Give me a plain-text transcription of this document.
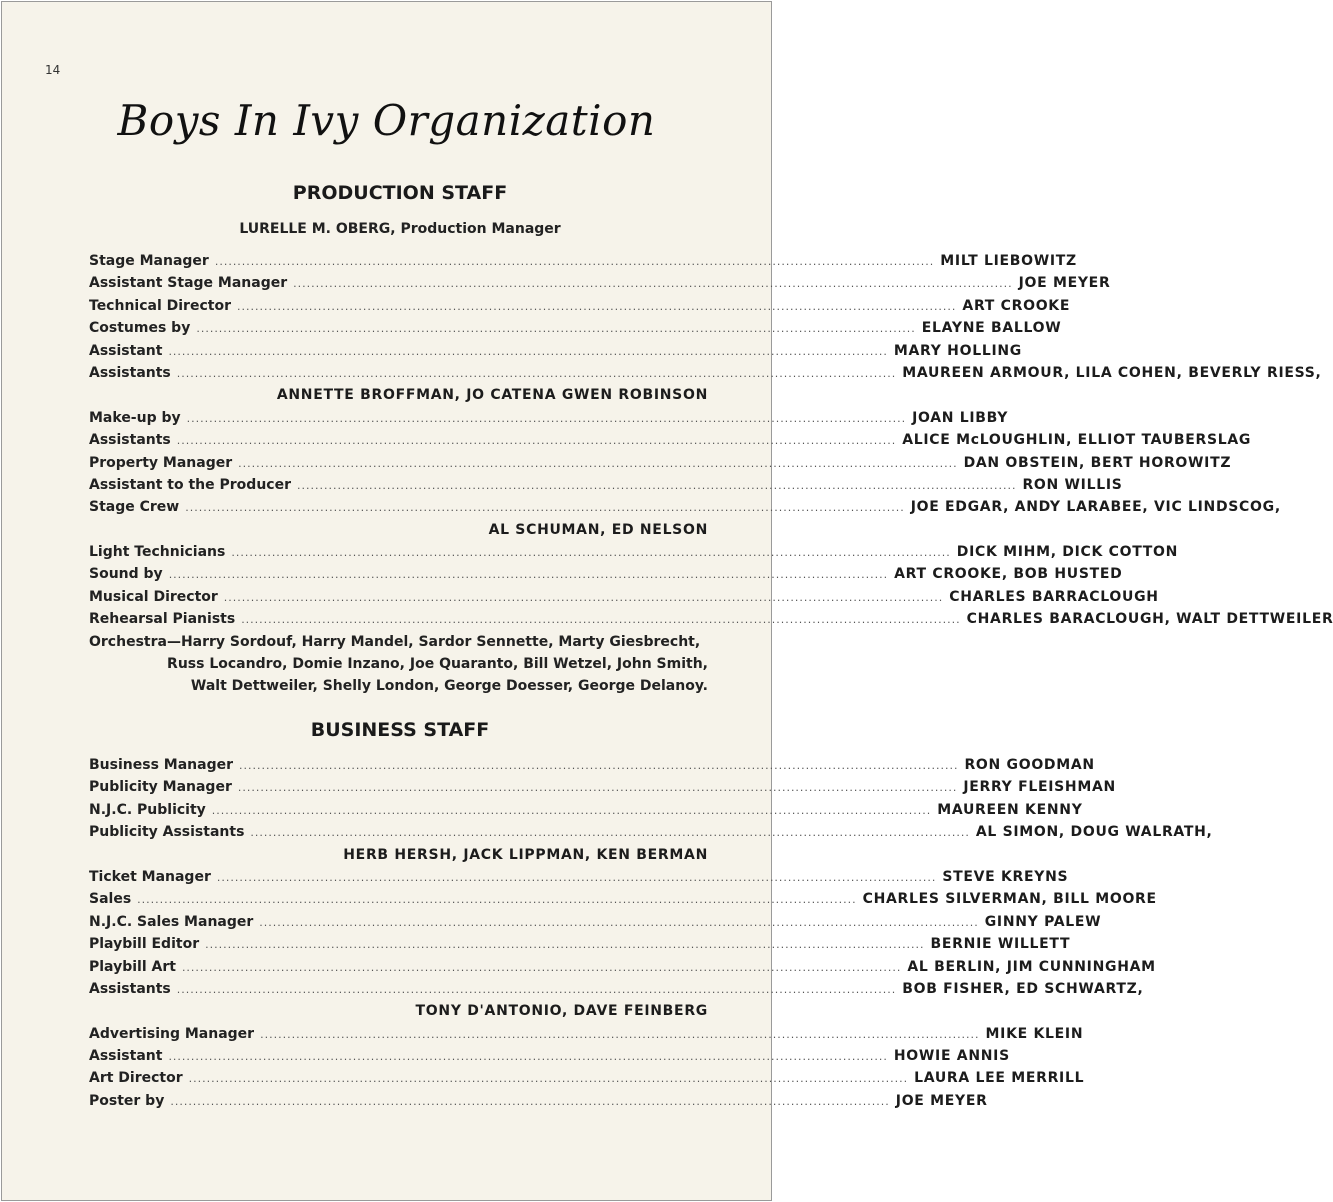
14
Boys In Ivy Organization
PRODUCTION STAFF
LURELLE M. OBERG, Production Manager
Stage Manager ................................................................................................................................................................ MILT LIEBOWITZ
Assistant Stage Manager ................................................................................................................................................................ JOE MEYER
Technical Director ................................................................................................................................................................ ART CROOKE
Costumes by ................................................................................................................................................................ ELAYNE BALLOW
Assistant ................................................................................................................................................................ MARY HOLLING
Assistants ................................................................................................................................................................ MAUREEN ARMOUR, LILA COHEN, BEVERLY RIESS,
ANNETTE BROFFMAN, JO CATENA GWEN ROBINSON
Make-up by ................................................................................................................................................................ JOAN LIBBY
Assistants ................................................................................................................................................................ ALICE McLOUGHLIN, ELLIOT TAUBERSLAG
Property Manager ................................................................................................................................................................ DAN OBSTEIN, BERT HOROWITZ
Assistant to the Producer ................................................................................................................................................................ RON WILLIS
Stage Crew ................................................................................................................................................................ JOE EDGAR, ANDY LARABEE, VIC LINDSCOG,
AL SCHUMAN, ED NELSON
Light Technicians ................................................................................................................................................................ DICK MIHM, DICK COTTON
Sound by ................................................................................................................................................................ ART CROOKE, BOB HUSTED
Musical Director ................................................................................................................................................................ CHARLES BARRACLOUGH
Rehearsal Pianists ................................................................................................................................................................ CHARLES BARACLOUGH, WALT DETTWEILER
Orchestra—Harry Sordouf, Harry Mandel, Sardor Sennette, Marty Giesbrecht,
Russ Locandro, Domie Inzano, Joe Quaranto, Bill Wetzel, John Smith,
Walt Dettweiler, Shelly London, George Doesser, George Delanoy.
BUSINESS STAFF
Business Manager ................................................................................................................................................................ RON GOODMAN
Publicity Manager ................................................................................................................................................................ JERRY FLEISHMAN
N.J.C. Publicity ................................................................................................................................................................ MAUREEN KENNY
Publicity Assistants ................................................................................................................................................................ AL SIMON, DOUG WALRATH,
HERB HERSH, JACK LIPPMAN, KEN BERMAN
Ticket Manager ................................................................................................................................................................ STEVE KREYNS
Sales ................................................................................................................................................................ CHARLES SILVERMAN, BILL MOORE
N.J.C. Sales Manager ................................................................................................................................................................ GINNY PALEW
Playbill Editor ................................................................................................................................................................ BERNIE WILLETT
Playbill Art ................................................................................................................................................................ AL BERLIN, JIM CUNNINGHAM
Assistants ................................................................................................................................................................ BOB FISHER, ED SCHWARTZ,
TONY D'ANTONIO, DAVE FEINBERG
Advertising Manager ................................................................................................................................................................ MIKE KLEIN
Assistant ................................................................................................................................................................ HOWIE ANNIS
Art Director ................................................................................................................................................................ LAURA LEE MERRILL
Poster by ................................................................................................................................................................ JOE MEYER
